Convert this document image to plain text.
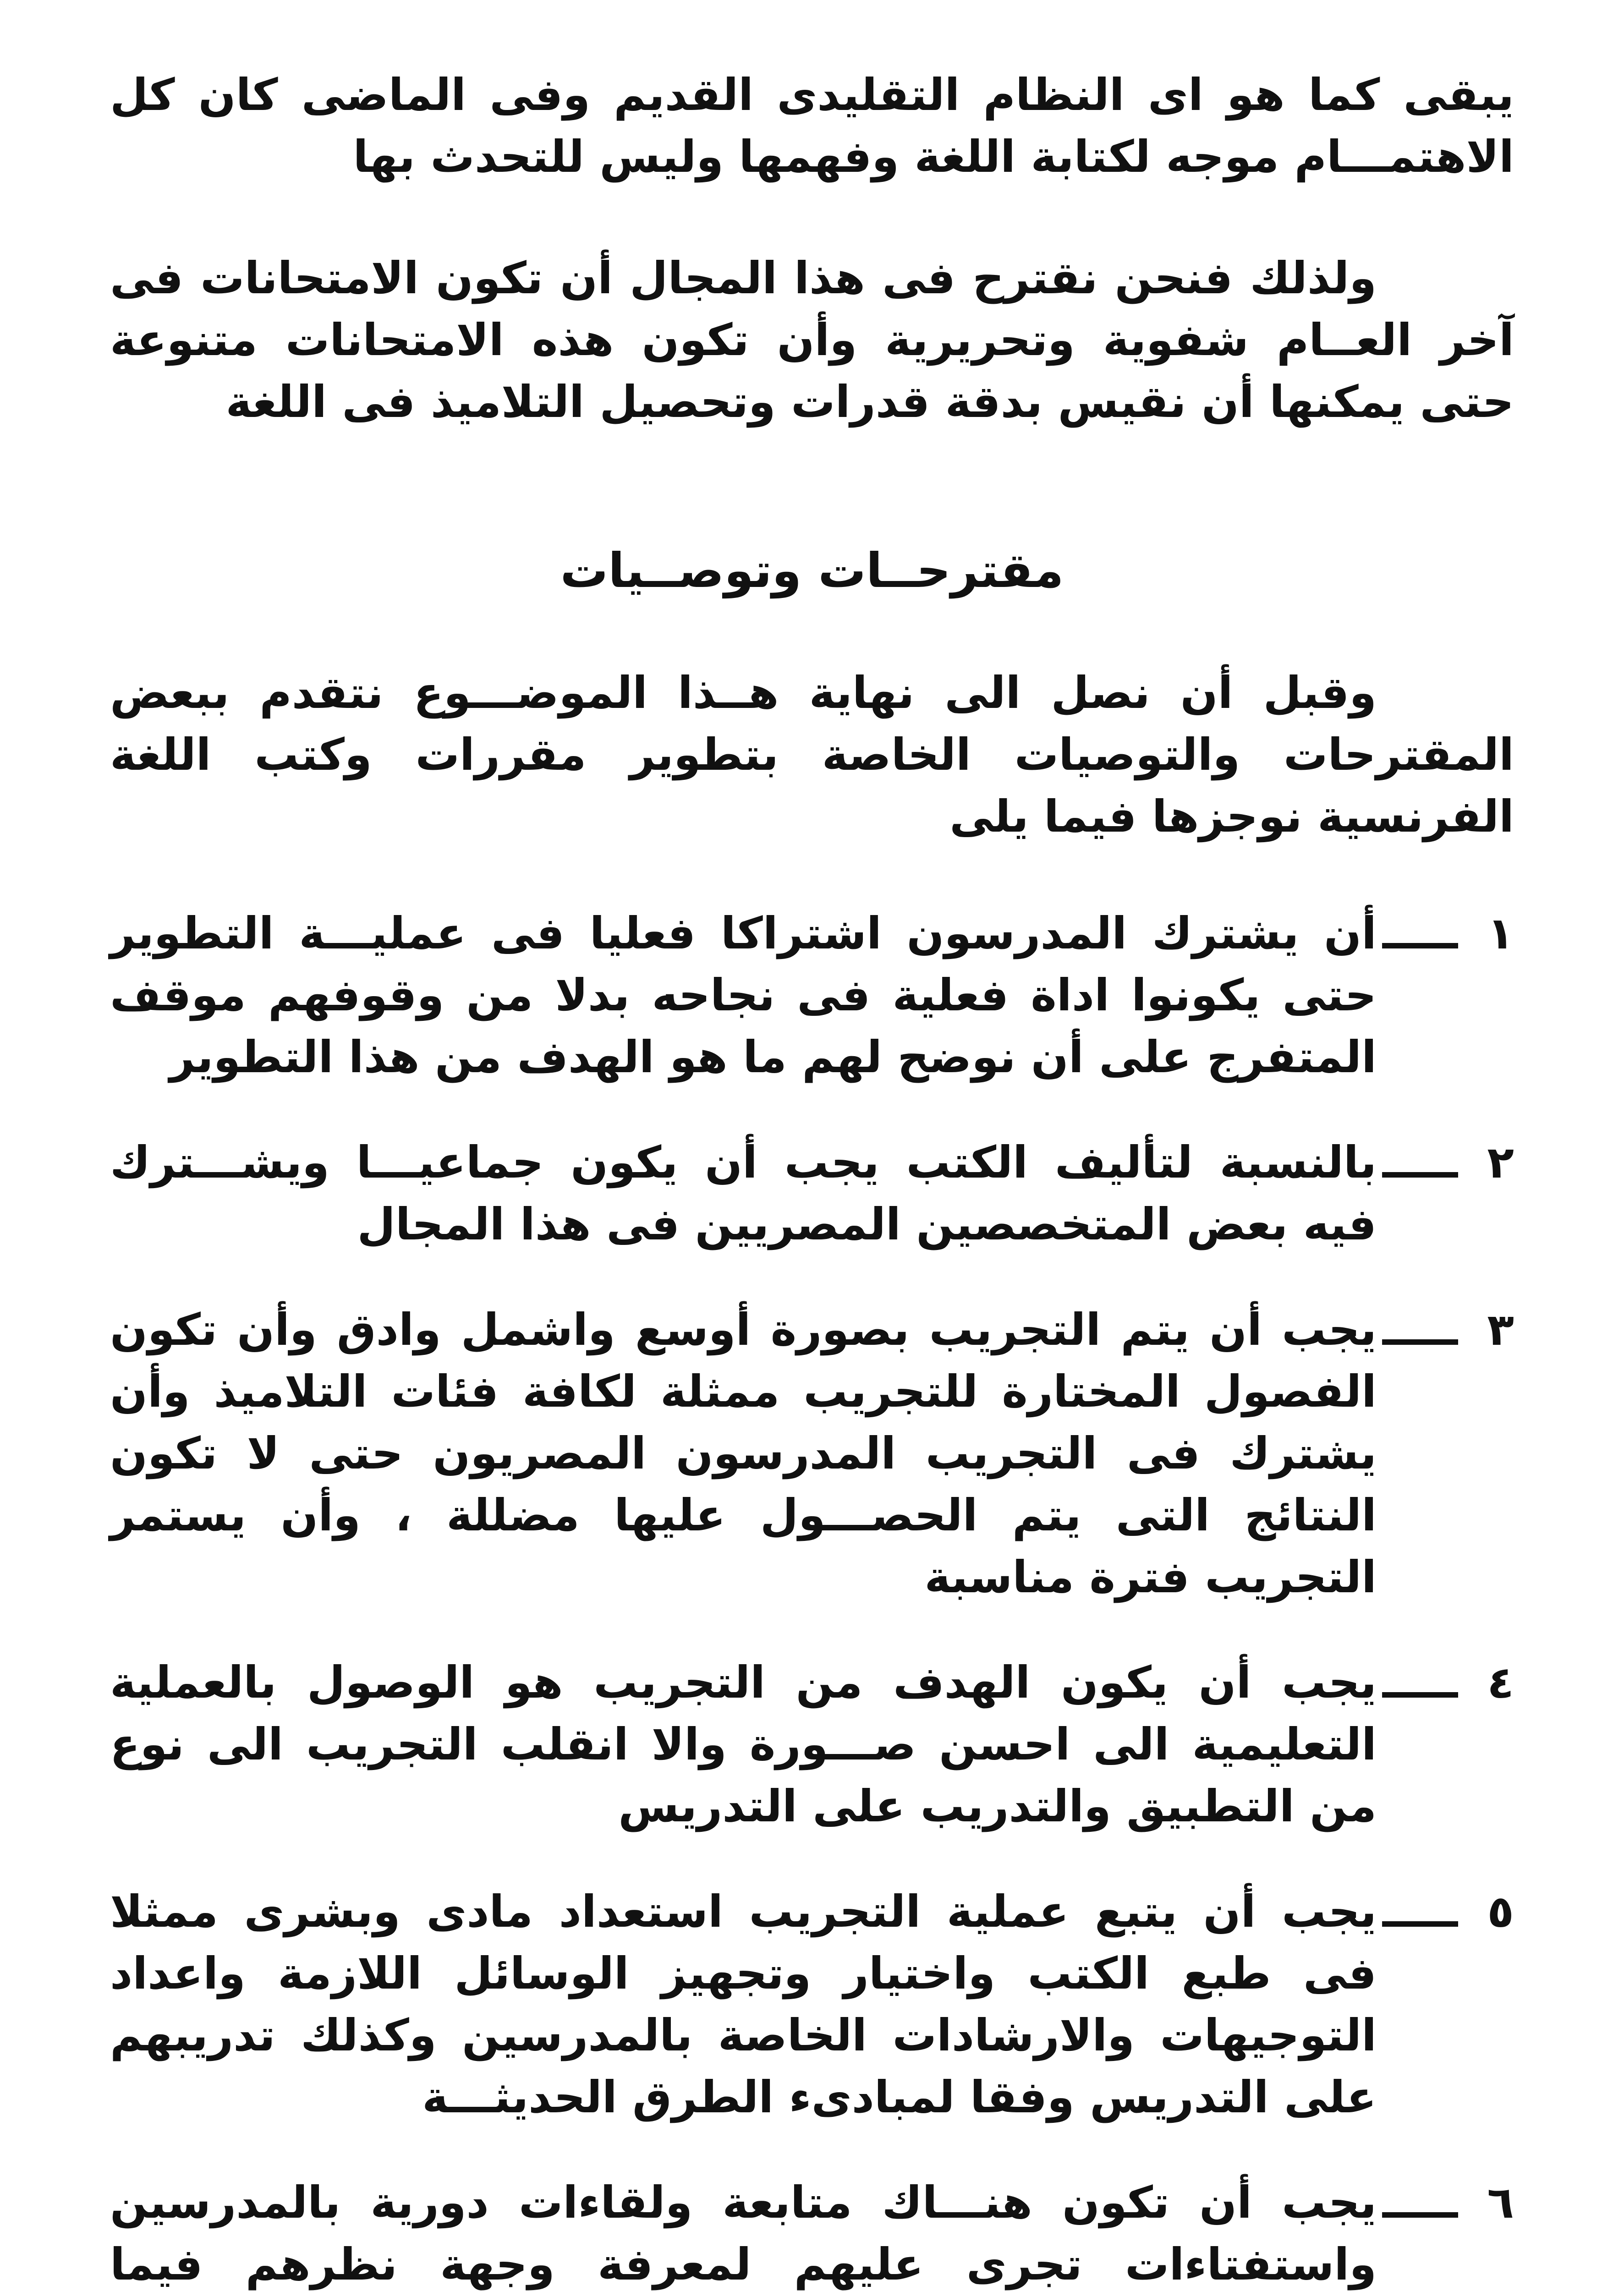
يبقى كما هو اى النظام التقليدى القديم وفى الماضى كان كل الاهتمـــام موجه لكتابة اللغة وفهمها وليس للتحدث بها

ولذلك فنحن نقترح فى هذا المجال أن تكون الامتحانات فى آخر العــام شفوية وتحريرية وأن تكون هذه الامتحانات متنوعة حتى يمكنها أن نقيس بدقة قدرات وتحصيل التلاميذ فى اللغة

مقترحــات وتوصــيات

وقبل أن نصل الى نهاية هــذا الموضـــوع نتقدم ببعض المقترحات والتوصيات الخاصة بتطوير مقررات وكتب اللغة الفرنسية نوجزها فيما يلى

١
ـــــ
أن يشترك المدرسون اشتراكا فعليا فى عمليـــة التطوير حتى يكونوا اداة فعلية فى نجاحه بدلا من وقوفهم موقف المتفرج على أن نوضح لهم ما هو الهدف من هذا التطوير
٢
ـــــ
بالنسبة لتأليف الكتب يجب أن يكون جماعيـــا ويشـــترك فيه بعض المتخصصين المصريين فى هذا المجال
٣
ـــــ
يجب أن يتم التجريب بصورة أوسع واشمل وادق وأن تكون الفصول المختارة للتجريب ممثلة لكافة فئات التلاميذ وأن يشترك فى التجريب المدرسون المصريون حتى لا تكون النتائج التى يتم الحصـــول عليها مضللة ، وأن يستمر التجريب فترة مناسبة
٤
ـــــ
يجب أن يكون الهدف من التجريب هو الوصول بالعملية التعليمية الى احسن صـــورة والا انقلب التجريب الى نوع من التطبيق والتدريب على التدريس
٥
ـــــ
يجب أن يتبع عملية التجريب استعداد مادى وبشرى ممثلا فى طبع الكتب واختيار وتجهيز الوسائل اللازمة واعداد التوجيهات والارشادات الخاصة بالمدرسين وكذلك تدريبهم على التدريس وفقا لمبادىء الطرق الحديثـــة
٦
ـــــ
يجب أن تكون هنـــاك متابعة ولقاءات دورية بالمدرسين واستفتاءات تجرى عليهم لمعرفة وجهة نظرهم فيما
